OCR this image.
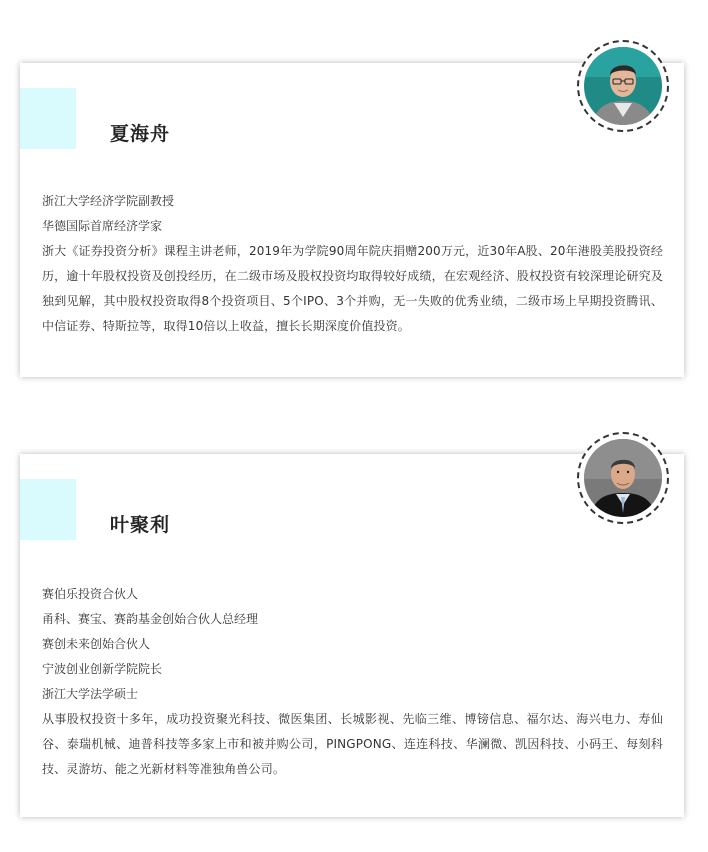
夏海舟
浙江大学经济学院副教授
华德国际首席经济学家
浙大《证券投资分析》课程主讲老师，2019年为学院90周年院庆捐赠200万元，近30年A股、20年港股美股投资经历，逾十年股权投资及创投经历，在二级市场及股权投资均取得较好成绩，在宏观经济、股权投资有较深理论研究及独到见解，其中股权投资取得8个投资项目、5个IPO、3个并购，无一失败的优秀业绩，二级市场上早期投资腾讯、中信证券、特斯拉等，取得10倍以上收益，擅长长期深度价值投资。
叶聚利
赛伯乐投资合伙人
甬科、赛宝、赛韵基金创始合伙人总经理
赛创未来创始合伙人
宁波创业创新学院院长
浙江大学法学硕士
从事股权投资十多年，成功投资聚光科技、微医集团、长城影视、先临三维、博镑信息、福尔达、海兴电力、寿仙谷、泰瑞机械、迪普科技等多家上市和被并购公司，PINGPONG、连连科技、华澜微、凯因科技、小码王、每刻科技、灵游坊、能之光新材料等准独角兽公司。
